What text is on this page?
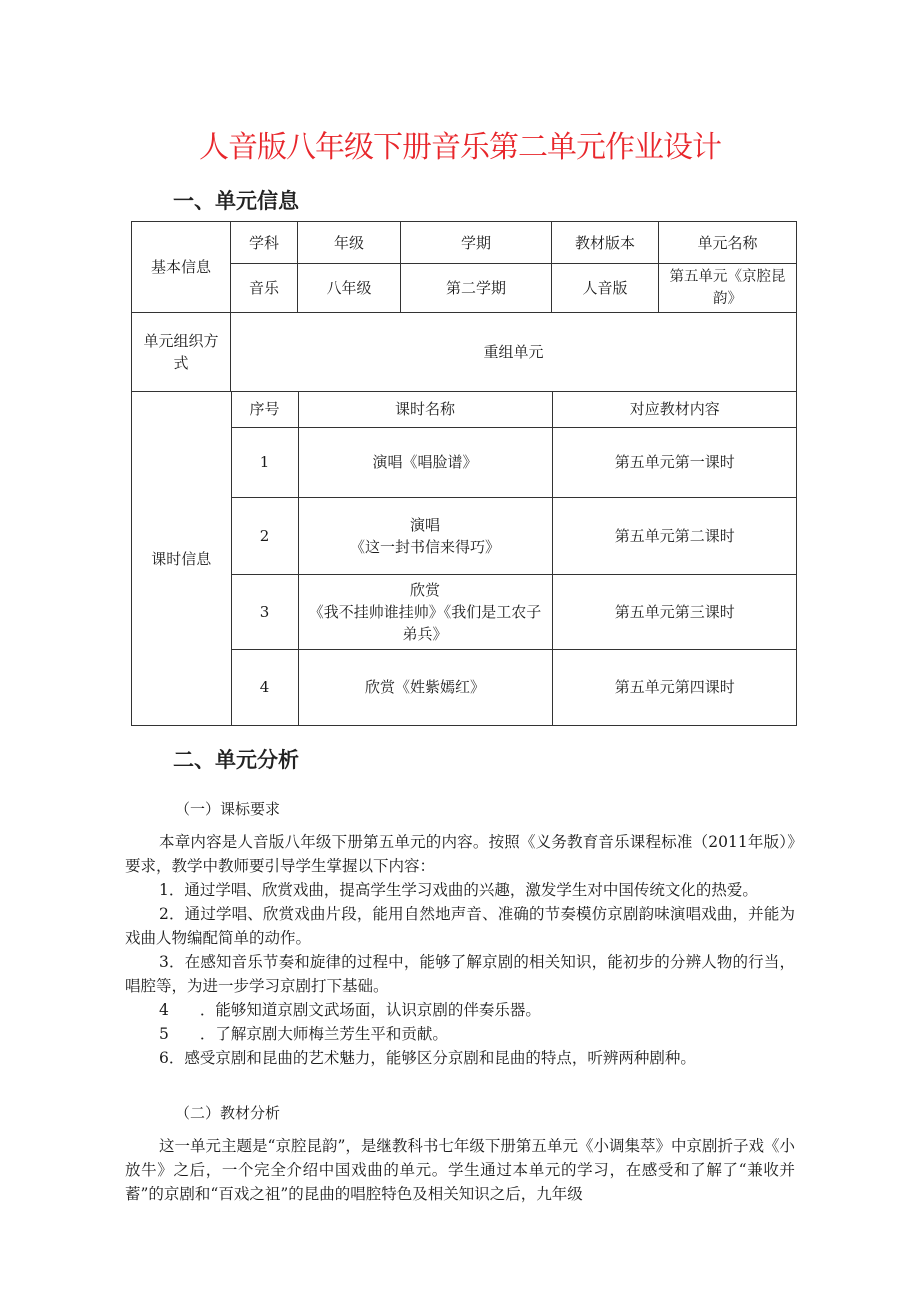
人音版八年级下册音乐第二单元作业设计
一、单元信息
基本信息	学科	年级	学期	教材版本	单元名称
音乐	八年级	第二学期	人音版	第五单元《京腔昆韵》
单元组织方式	重组单元

课时信息	序号	课时名称	对应教材内容
1	演唱《唱脸谱》	第五单元第一课时
2	演唱
《这一封书信来得巧》	第五单元第二课时
3	欣赏
《我不挂帅谁挂帅》《我们是工农子弟兵》	第五单元第三课时
4	欣赏《姓紫嫣红》	第五单元第四课时
二、单元分析
（一）课标要求

本章内容是人音版八年级下册第五单元的内容。按照《义务教育音乐课程标准（2011年版）》要求，教学中教师要引导学生掌握以下内容：

1．通过学唱、欣赏戏曲，提高学生学习戏曲的兴趣，激发学生对中国传统文化的热爱。

2．通过学唱、欣赏戏曲片段，能用自然地声音、准确的节奏模仿京剧韵味演唱戏曲，并能为戏曲人物编配简单的动作。

3．在感知音乐节奏和旋律的过程中，能够了解京剧的相关知识，能初步的分辨人物的行当，唱腔等，为进一步学习京剧打下基础。

4　　．能够知道京剧文武场面，认识京剧的伴奏乐器。

5　　．了解京剧大师梅兰芳生平和贡献。

6．感受京剧和昆曲的艺术魅力，能够区分京剧和昆曲的特点，听辨两种剧种。

（二）教材分析

这一单元主题是“京腔昆韵”，是继教科书七年级下册第五单元《小调集萃》中京剧折子戏《小放牛》之后，一个完全介绍中国戏曲的单元。学生通过本单元的学习，在感受和了解了“兼收并蓄”的京剧和“百戏之祖”的昆曲的唱腔特色及相关知识之后，九年级
